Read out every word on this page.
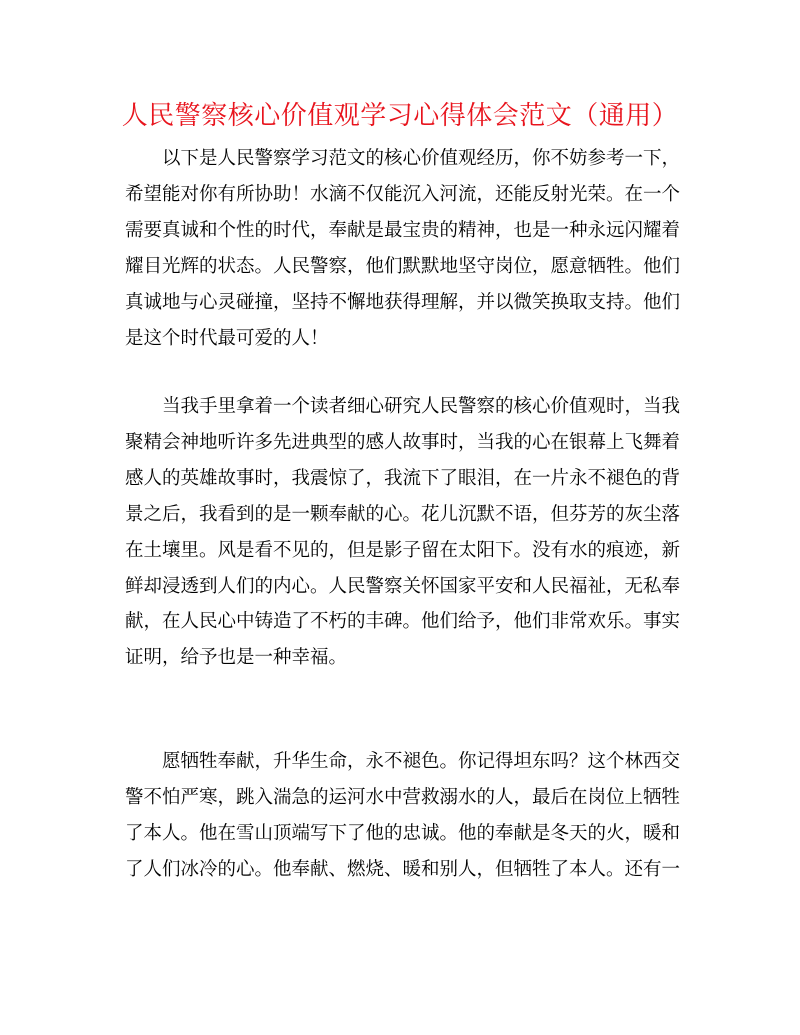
人民警察核心价值观学习心得体会范文（通用）

以下是人民警察学习范文的核心价值观经历，你不妨参考一下，希望能对你有所协助！水滴不仅能沉入河流，还能反射光荣。在一个需要真诚和个性的时代，奉献是最宝贵的精神，也是一种永远闪耀着耀目光辉的状态。人民警察，他们默默地坚守岗位，愿意牺牲。他们真诚地与心灵碰撞，坚持不懈地获得理解，并以微笑换取支持。他们是这个时代最可爱的人！

当我手里拿着一个读者细心研究人民警察的核心价值观时，当我聚精会神地听许多先进典型的感人故事时，当我的心在银幕上飞舞着感人的英雄故事时，我震惊了，我流下了眼泪，在一片永不褪色的背景之后，我看到的是一颗奉献的心。花儿沉默不语，但芬芳的灰尘落在土壤里。风是看不见的，但是影子留在太阳下。没有水的痕迹，新鲜却浸透到人们的内心。人民警察关怀国家平安和人民福祉，无私奉献，在人民心中铸造了不朽的丰碑。他们给予，他们非常欢乐。事实证明，给予也是一种幸福。

愿牺牲奉献，升华生命，永不褪色。你记得坦东吗？这个林西交警不怕严寒，跳入湍急的运河水中营救溺水的人，最后在岗位上牺牲了本人。他在雪山顶端写下了他的忠诚。他的奉献是冬天的火，暖和了人们冰冷的心。他奉献、燃烧、暖和别人，但牺牲了本人。还有一
